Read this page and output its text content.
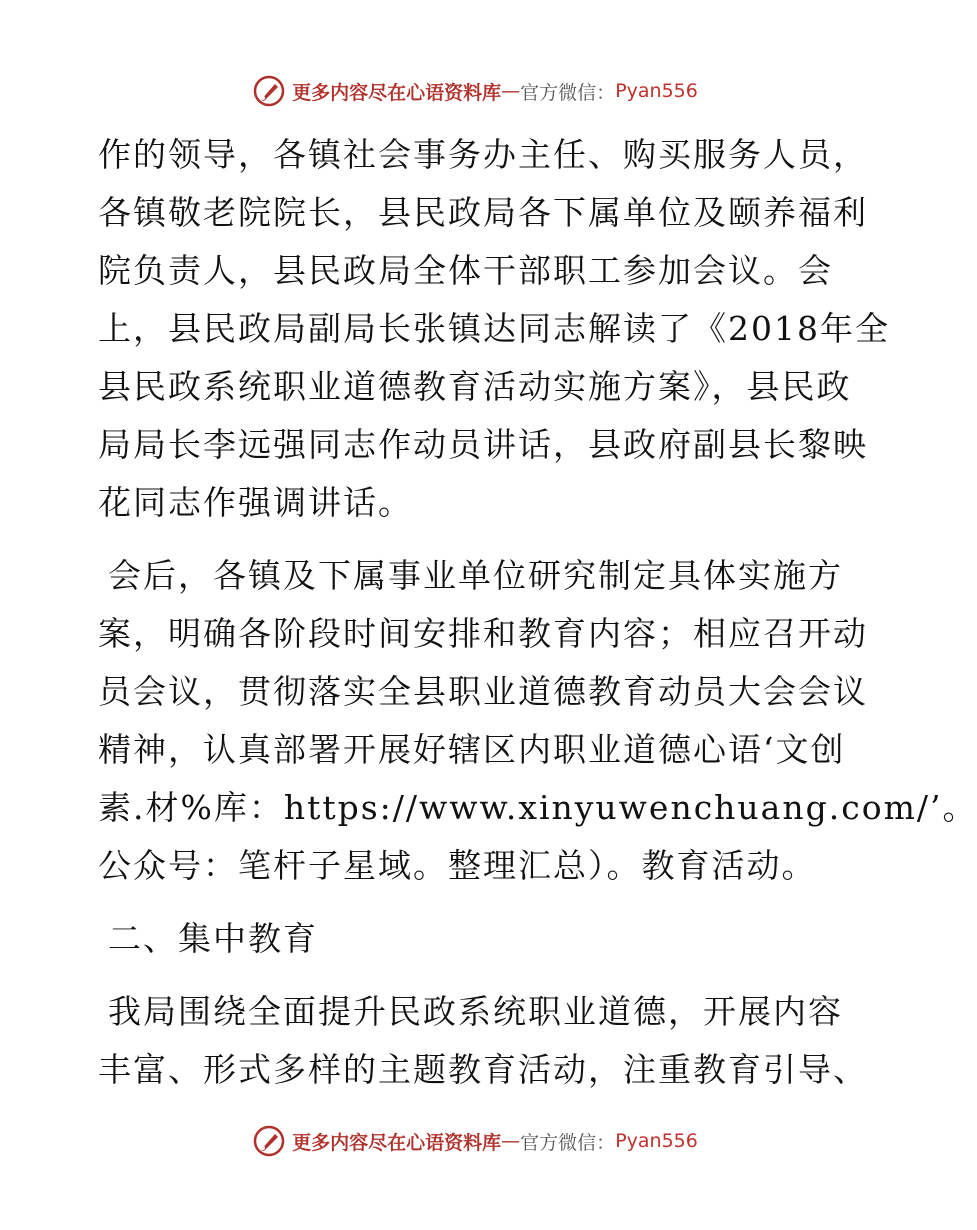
更多内容尽在心语资料库 — 官方微信： Pyan556
作的领导，各镇社会事务办主任、购买服务人员，
各镇敬老院院长，县民政局各下属单位及颐养福利
院负责人，县民政局全体干部职工参加会议。会
上，县民政局副局长张镇达同志解读了《2018年全
县民政系统职业道德教育活动实施方案》，县民政
局局长李远强同志作动员讲话，县政府副县长黎映
花同志作强调讲话。
会后，各镇及下属事业单位研究制定具体实施方
案，明确各阶段时间安排和教育内容；相应召开动
员会议，贯彻落实全县职业道德教育动员大会会议
精神，认真部署开展好辖区内职业道德心语‘文创
素.材%库：https://www.xinyuwenchuang.com/’。
公众号：笔杆子星域。整理汇总）。教育活动。
二、集中教育
我局围绕全面提升民政系统职业道德，开展内容
丰富、形式多样的主题教育活动，注重教育引导、
更多内容尽在心语资料库 — 官方微信： Pyan556
